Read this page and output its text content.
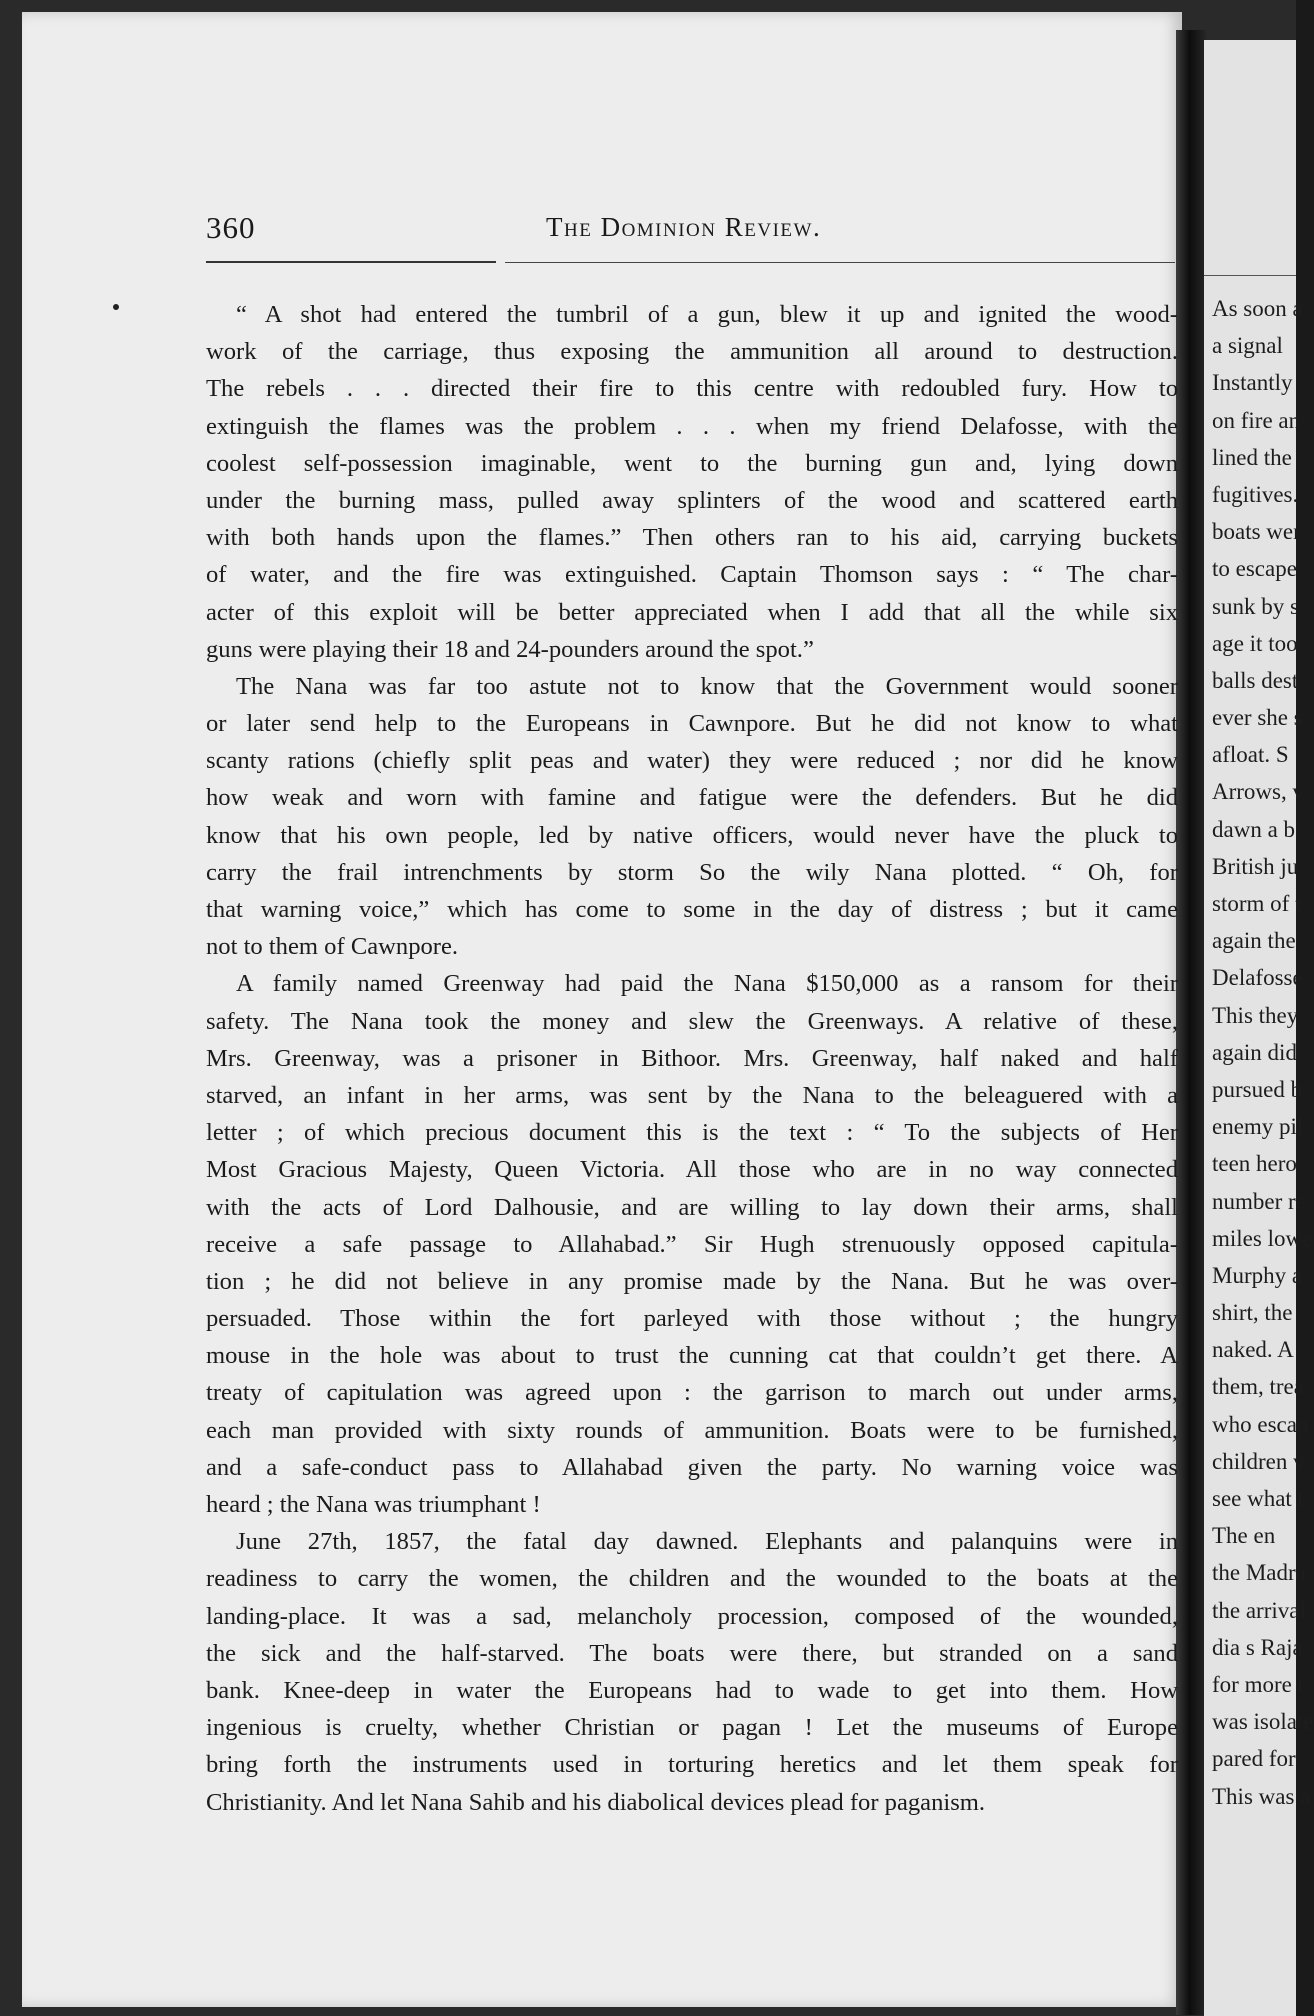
As soon a
a signal
Instantly
on fire an
lined the
fugitives.
boats wer
to escape
sunk by s
age it too
balls dest
ever she s
afloat. S
Arrows, v
dawn a b
British ju
storm of t
again the
Delafosse
This they
again did
pursued b
enemy pil
teen hero
number re
miles lowe
Murphy a
shirt, the
naked. A
them, trea
who escap
children v
see what t
The en
the Madra
the arrival
dia s Raja
for more t
was isolate
pared for
This was a
360	The Dominion Review.
“ A shot had entered the tumbril of a gun, blew it up and ignited the wood-
work of the carriage, thus exposing the ammunition all around to destruction.
The rebels . . . directed their fire to this centre with redoubled fury. How to
extinguish the flames was the problem . . . when my friend Delafosse, with the
coolest self-possession imaginable, went to the burning gun and, lying down
under the burning mass, pulled away splinters of the wood and scattered earth
with both hands upon the flames.” Then others ran to his aid, carrying buckets
of water, and the fire was extinguished. Captain Thomson says : “ The char-
acter of this exploit will be better appreciated when I add that all the while six
guns were playing their 18 and 24-pounders around the spot.”
The Nana was far too astute not to know that the Government would sooner
or later send help to the Europeans in Cawnpore. But he did not know to what
scanty rations (chiefly split peas and water) they were reduced ; nor did he know
how weak and worn with famine and fatigue were the defenders. But he did
know that his own people, led by native officers, would never have the pluck to
carry the frail intrenchments by storm So the wily Nana plotted. “ Oh, for
that warning voice,” which has come to some in the day of distress ; but it came
not to them of Cawnpore.
A family named Greenway had paid the Nana $150,000 as a ransom for their
safety. The Nana took the money and slew the Greenways. A relative of these,
Mrs. Greenway, was a prisoner in Bithoor. Mrs. Greenway, half naked and half
starved, an infant in her arms, was sent by the Nana to the beleaguered with a
letter ; of which precious document this is the text : “ To the subjects of Her
Most Gracious Majesty, Queen Victoria. All those who are in no way connected
with the acts of Lord Dalhousie, and are willing to lay down their arms, shall
receive a safe passage to Allahabad.” Sir Hugh strenuously opposed capitula-
tion ; he did not believe in any promise made by the Nana. But he was over-
persuaded. Those within the fort parleyed with those without ; the hungry
mouse in the hole was about to trust the cunning cat that couldn’t get there. A
treaty of capitulation was agreed upon : the garrison to march out under arms,
each man provided with sixty rounds of ammunition. Boats were to be furnished,
and a safe-conduct pass to Allahabad given the party. No warning voice was
heard ; the Nana was triumphant !
June 27th, 1857, the fatal day dawned. Elephants and palanquins were in
readiness to carry the women, the children and the wounded to the boats at the
landing-place. It was a sad, melancholy procession, composed of the wounded,
the sick and the half-starved. The boats were there, but stranded on a sand
bank. Knee-deep in water the Europeans had to wade to get into them. How
ingenious is cruelty, whether Christian or pagan ! Let the museums of Europe
bring forth the instruments used in torturing heretics and let them speak for
Christianity. And let Nana Sahib and his diabolical devices plead for paganism.
